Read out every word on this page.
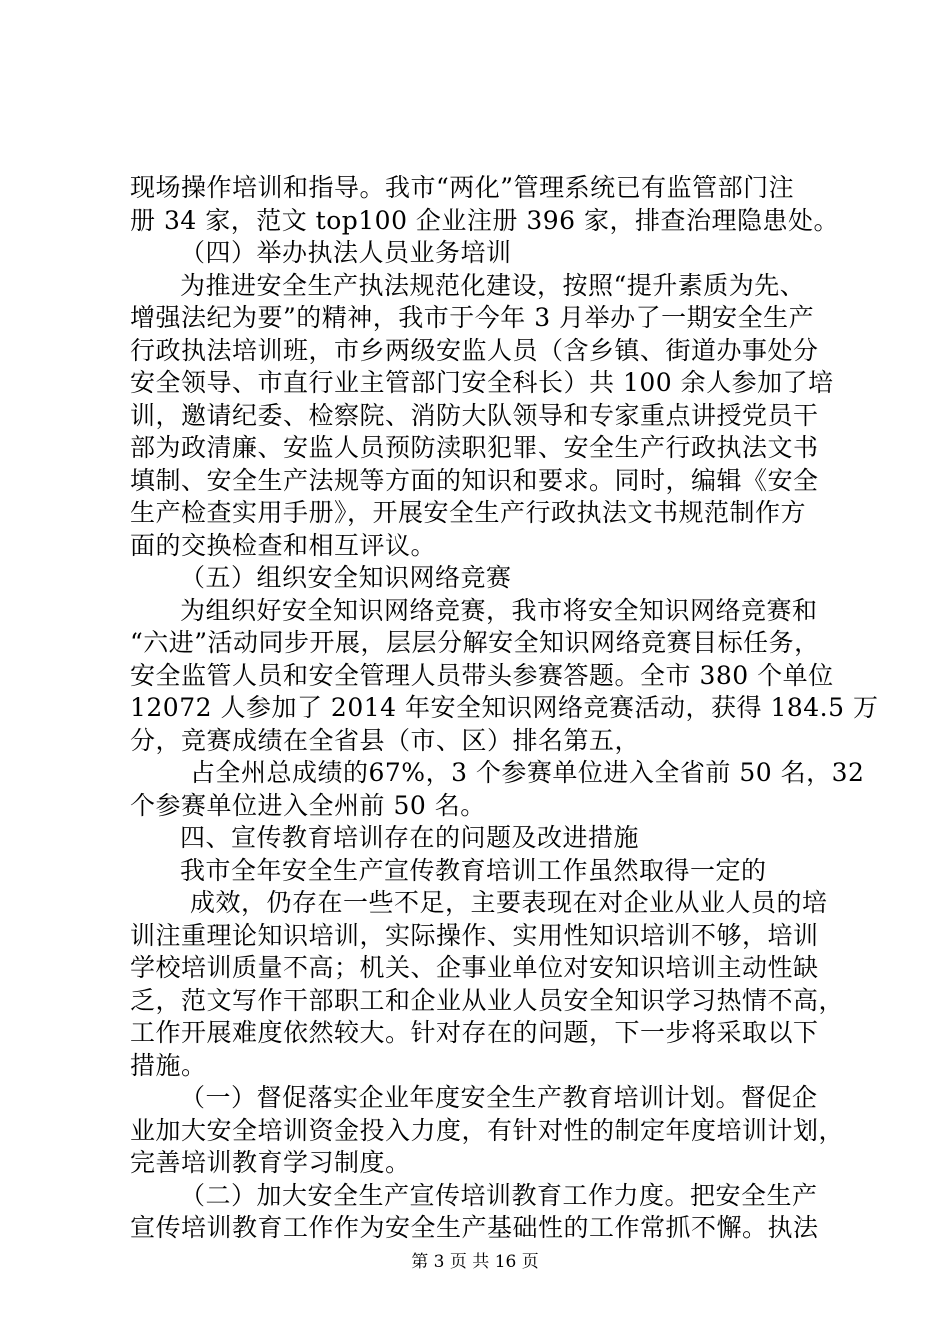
现场操作培训和指导。我市“两化”管理系统已有监管部门注
册 34 家，范文 top100 企业注册 396 家，排查治理隐患处。
（四）举办执法人员业务培训
为推进安全生产执法规范化建设，按照“提升素质为先、
增强法纪为要”的精神，我市于今年 3 月举办了一期安全生产
行政执法培训班，市乡两级安监人员（含乡镇、街道办事处分
安全领导、市直行业主管部门安全科长）共 100 余人参加了培
训，邀请纪委、检察院、消防大队领导和专家重点讲授党员干
部为政清廉、安监人员预防渎职犯罪、安全生产行政执法文书
填制、安全生产法规等方面的知识和要求。同时，编辑《安全
生产检查实用手册》，开展安全生产行政执法文书规范制作方
面的交换检查和相互评议。
（五）组织安全知识网络竞赛
为组织好安全知识网络竞赛，我市将安全知识网络竞赛和
“六进”活动同步开展，层层分解安全知识网络竞赛目标任务，
安全监管人员和安全管理人员带头参赛答题。全市 380 个单位
12072 人参加了 2014 年安全知识网络竞赛活动，获得 184.5 万
分，竞赛成绩在全省县（市、区）排名第五，
占全州总成绩的67%，3 个参赛单位进入全省前 50 名，32
个参赛单位进入全州前 50 名。
四、宣传教育培训存在的问题及改进措施
我市全年安全生产宣传教育培训工作虽然取得一定的
成效，仍存在一些不足，主要表现在对企业从业人员的培
训注重理论知识培训，实际操作、实用性知识培训不够，培训
学校培训质量不高；机关、企事业单位对安知识培训主动性缺
乏，范文写作干部职工和企业从业人员安全知识学习热情不高，
工作开展难度依然较大。针对存在的问题，下一步将采取以下
措施。
（一）督促落实企业年度安全生产教育培训计划。督促企
业加大安全培训资金投入力度，有针对性的制定年度培训计划，
完善培训教育学习制度。
（二）加大安全生产宣传培训教育工作力度。把安全生产
宣传培训教育工作作为安全生产基础性的工作常抓不懈。执法
第 3 页 共 16 页
